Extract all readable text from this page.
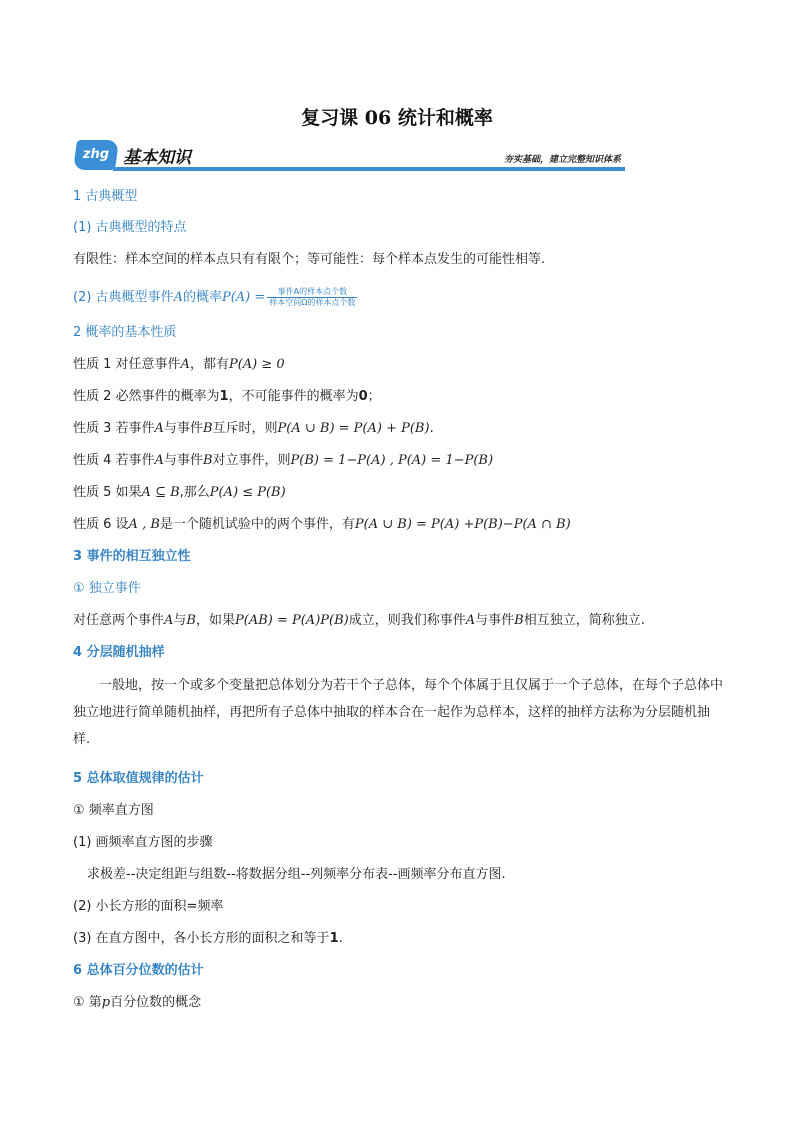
复习课 06 统计和概率
zhg 基本知识	夯实基础，建立完整知识体系
1 古典概型
(1) 古典概型的特点
有限性：样本空间的样本点只有有限个；等可能性：每个样本点发生的可能性相等.
(2) 古典概型事件A的概率$P(A) = \frac{\text{事件A的样本点个数}}{\text{样本空间Ω的样本点个数}}$
2 概率的基本性质
性质 1 对任意事件A，都有P(A) ≥ 0
性质 2 必然事件的概率为1，不可能事件的概率为0；
性质 3 若事件A与事件B互斥时，则P(A ∪ B) = P(A) + P(B).
性质 4 若事件A与事件B对立事件，则P(B) = 1−P(A) , P(A) = 1−P(B)
性质 5 如果A ⊆ B,那么P(A) ≤ P(B)
性质 6 设A , B是一个随机试验中的两个事件，有P(A ∪ B) = P(A) +P(B)−P(A ∩ B)
3 事件的相互独立性
① 独立事件
对任意两个事件A与B，如果P(AB) = P(A)P(B)成立，则我们称事件A与事件B相互独立，简称独立.
4 分层随机抽样
一般地，按一个或多个变量把总体划分为若干个子总体，每个个体属于且仅属于一个子总体，在每个子总体中独立地进行简单随机抽样，再把所有子总体中抽取的样本合在一起作为总样本，这样的抽样方法称为分层随机抽样.
5 总体取值规律的估计
① 频率直方图
(1) 画频率直方图的步骤
求极差--决定组距与组数--将数据分组--列频率分布表--画频率分布直方图.
(2) 小长方形的面积=频率
(3) 在直方图中，各小长方形的面积之和等于1.
6 总体百分位数的估计
① 第p百分位数的概念
